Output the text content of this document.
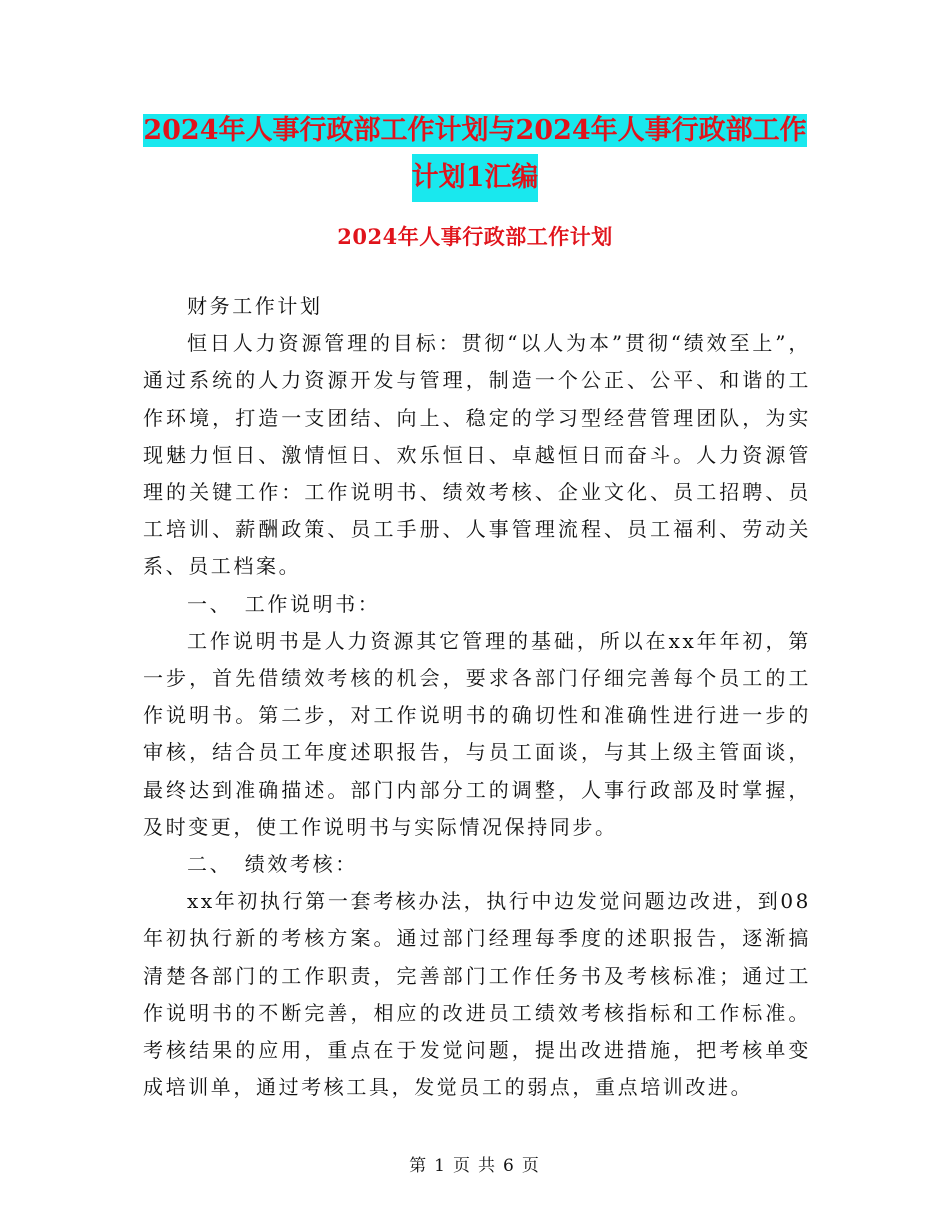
2024年人事行政部工作计划与2024年人事行政部工作
计划1汇编
2024年人事行政部工作计划

财务工作计划

恒日人力资源管理的目标：贯彻“以人为本”贯彻“绩效至上”，通过系统的人力资源开发与管理，制造一个公正、公平、和谐的工作环境，打造一支团结、向上、稳定的学习型经营管理团队，为实现魅力恒日、激情恒日、欢乐恒日、卓越恒日而奋斗。人力资源管理的关键工作：工作说明书、绩效考核、企业文化、员工招聘、员工培训、薪酬政策、员工手册、人事管理流程、员工福利、劳动关系、员工档案。

一、　工作说明书：

工作说明书是人力资源其它管理的基础，所以在xx年年初，第一步，首先借绩效考核的机会，要求各部门仔细完善每个员工的工作说明书。第二步，对工作说明书的确切性和准确性进行进一步的审核，结合员工年度述职报告，与员工面谈，与其上级主管面谈，最终达到准确描述。部门内部分工的调整，人事行政部及时掌握，及时变更，使工作说明书与实际情况保持同步。

二、　绩效考核：

xx年初执行第一套考核办法，执行中边发觉问题边改进，到08年初执行新的考核方案。通过部门经理每季度的述职报告，逐渐搞清楚各部门的工作职责，完善部门工作任务书及考核标准；通过工作说明书的不断完善，相应的改进员工绩效考核指标和工作标准。考核结果的应用，重点在于发觉问题，提出改进措施，把考核单变成培训单，通过考核工具，发觉员工的弱点，重点培训改进。

第 1 页 共 6 页
